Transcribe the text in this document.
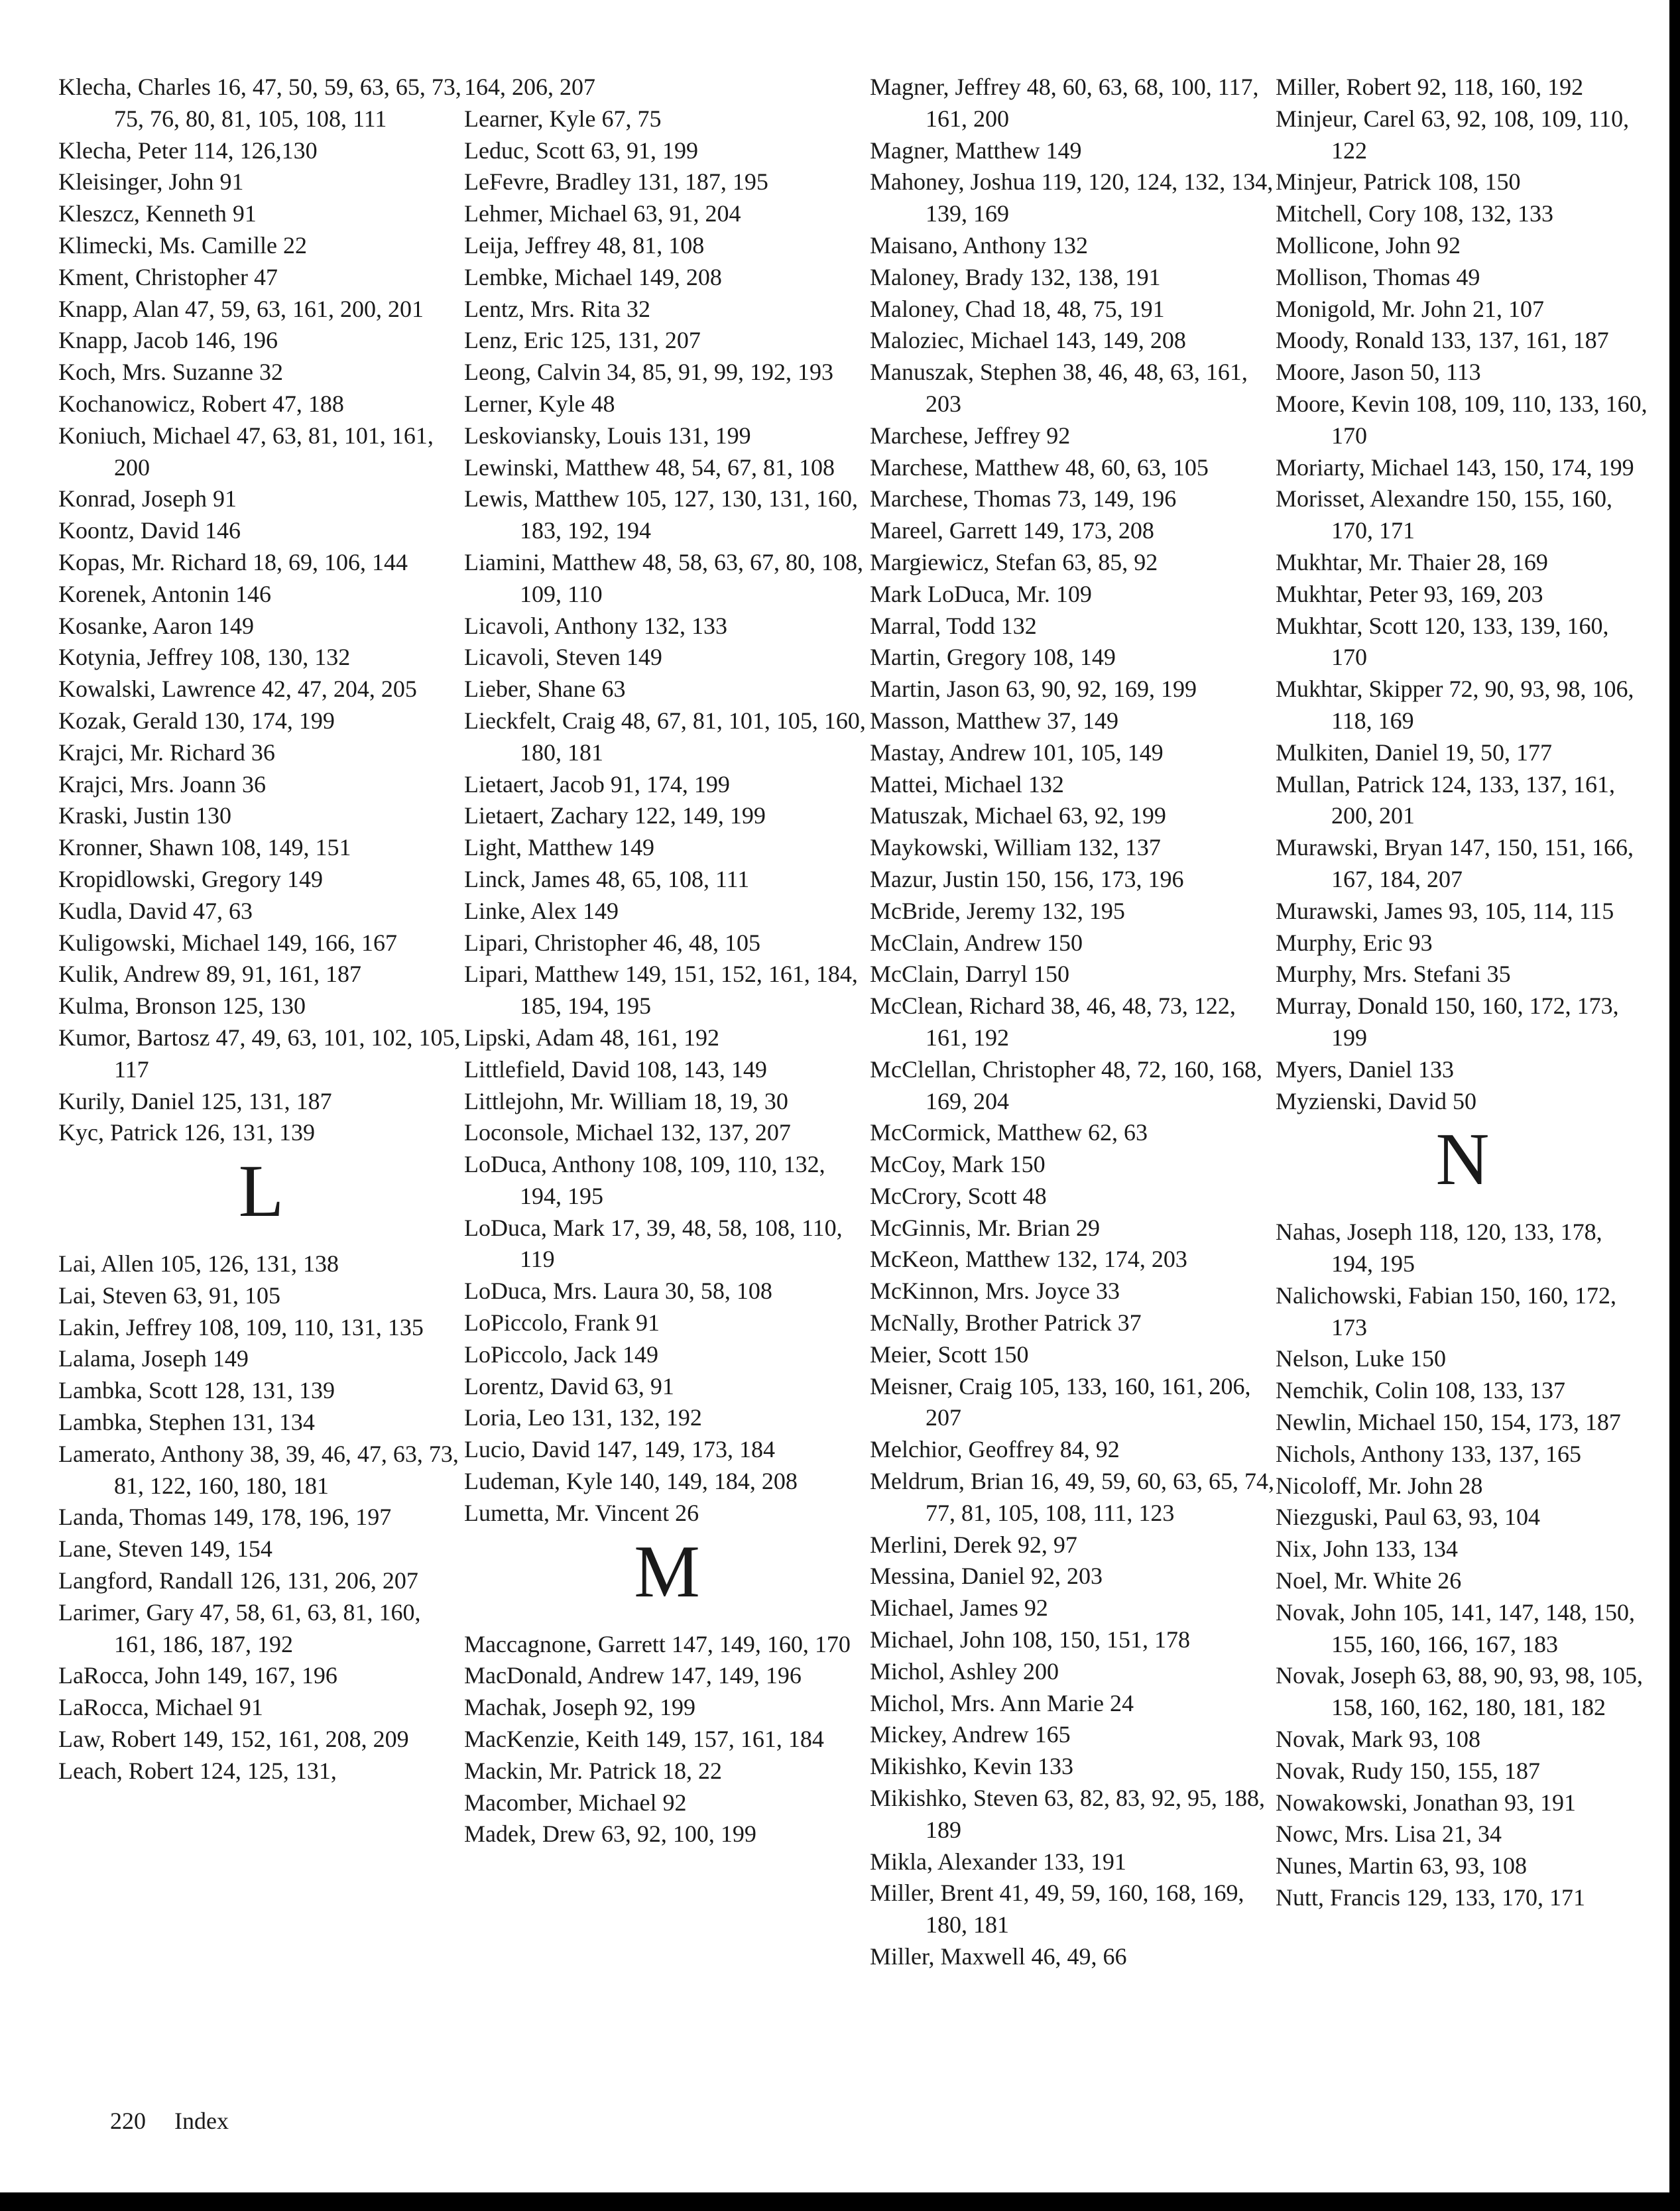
Klecha, Charles 16, 47, 50, 59, 63, 65, 73, 75, 76, 80, 81, 105, 108, 111
Klecha, Peter 114, 126,130
Kleisinger, John 91
Kleszcz, Kenneth 91
Klimecki, Ms. Camille 22
Kment, Christopher 47
Knapp, Alan 47, 59, 63, 161, 200, 201
Knapp, Jacob 146, 196
Koch, Mrs. Suzanne 32
Kochanowicz, Robert 47, 188
Koniuch, Michael 47, 63, 81, 101, 161, 200
Konrad, Joseph 91
Koontz, David 146
Kopas, Mr. Richard 18, 69, 106, 144
Korenek, Antonin 146
Kosanke, Aaron 149
Kotynia, Jeffrey 108, 130, 132
Kowalski, Lawrence 42, 47, 204, 205
Kozak, Gerald 130, 174, 199
Krajci, Mr. Richard 36
Krajci, Mrs. Joann 36
Kraski, Justin 130
Kronner, Shawn 108, 149, 151
Kropidlowski, Gregory 149
Kudla, David 47, 63
Kuligowski, Michael 149, 166, 167
Kulik, Andrew 89, 91, 161, 187
Kulma, Bronson 125, 130
Kumor, Bartosz 47, 49, 63, 101, 102, 105, 117
Kurily, Daniel 125, 131, 187
Kyc, Patrick 126, 131, 139
L
Lai, Allen 105, 126, 131, 138
Lai, Steven 63, 91, 105
Lakin, Jeffrey 108, 109, 110, 131, 135
Lalama, Joseph 149
Lambka, Scott 128, 131, 139
Lambka, Stephen 131, 134
Lamerato, Anthony 38, 39, 46, 47, 63, 73, 81, 122, 160, 180, 181
Landa, Thomas 149, 178, 196, 197
Lane, Steven 149, 154
Langford, Randall 126, 131, 206, 207
Larimer, Gary 47, 58, 61, 63, 81, 160, 161, 186, 187, 192
LaRocca, John 149, 167, 196
LaRocca, Michael 91
Law, Robert 149, 152, 161, 208, 209
Leach, Robert 124, 125, 131,
164, 206, 207
Learner, Kyle 67, 75
Leduc, Scott 63, 91, 199
LeFevre, Bradley 131, 187, 195
Lehmer, Michael 63, 91, 204
Leija, Jeffrey 48, 81, 108
Lembke, Michael 149, 208
Lentz, Mrs. Rita 32
Lenz, Eric 125, 131, 207
Leong, Calvin 34, 85, 91, 99, 192, 193
Lerner, Kyle 48
Leskoviansky, Louis 131, 199
Lewinski, Matthew 48, 54, 67, 81, 108
Lewis, Matthew 105, 127, 130, 131, 160, 183, 192, 194
Liamini, Matthew 48, 58, 63, 67, 80, 108, 109, 110
Licavoli, Anthony 132, 133
Licavoli, Steven 149
Lieber, Shane 63
Lieckfelt, Craig 48, 67, 81, 101, 105, 160, 180, 181
Lietaert, Jacob 91, 174, 199
Lietaert, Zachary 122, 149, 199
Light, Matthew 149
Linck, James 48, 65, 108, 111
Linke, Alex 149
Lipari, Christopher 46, 48, 105
Lipari, Matthew 149, 151, 152, 161, 184, 185, 194, 195
Lipski, Adam 48, 161, 192
Littlefield, David 108, 143, 149
Littlejohn, Mr. William 18, 19, 30
Loconsole, Michael 132, 137, 207
LoDuca, Anthony 108, 109, 110, 132, 194, 195
LoDuca, Mark 17, 39, 48, 58, 108, 110, 119
LoDuca, Mrs. Laura 30, 58, 108
LoPiccolo, Frank 91
LoPiccolo, Jack 149
Lorentz, David 63, 91
Loria, Leo 131, 132, 192
Lucio, David 147, 149, 173, 184
Ludeman, Kyle 140, 149, 184, 208
Lumetta, Mr. Vincent 26
M
Maccagnone, Garrett 147, 149, 160, 170
MacDonald, Andrew 147, 149, 196
Machak, Joseph 92, 199
MacKenzie, Keith 149, 157, 161, 184
Mackin, Mr. Patrick 18, 22
Macomber, Michael 92
Madek, Drew 63, 92, 100, 199
Magner, Jeffrey 48, 60, 63, 68, 100, 117, 161, 200
Magner, Matthew 149
Mahoney, Joshua 119, 120, 124, 132, 134, 139, 169
Maisano, Anthony 132
Maloney, Brady 132, 138, 191
Maloney, Chad 18, 48, 75, 191
Maloziec, Michael 143, 149, 208
Manuszak, Stephen 38, 46, 48, 63, 161, 203
Marchese, Jeffrey 92
Marchese, Matthew 48, 60, 63, 105
Marchese, Thomas 73, 149, 196
Mareel, Garrett 149, 173, 208
Margiewicz, Stefan 63, 85, 92
Mark LoDuca, Mr. 109
Marral, Todd 132
Martin, Gregory 108, 149
Martin, Jason 63, 90, 92, 169, 199
Masson, Matthew 37, 149
Mastay, Andrew 101, 105, 149
Mattei, Michael 132
Matuszak, Michael 63, 92, 199
Maykowski, William 132, 137
Mazur, Justin 150, 156, 173, 196
McBride, Jeremy 132, 195
McClain, Andrew 150
McClain, Darryl 150
McClean, Richard 38, 46, 48, 73, 122, 161, 192
McClellan, Christopher 48, 72, 160, 168, 169, 204
McCormick, Matthew 62, 63
McCoy, Mark 150
McCrory, Scott 48
McGinnis, Mr. Brian 29
McKeon, Matthew 132, 174, 203
McKinnon, Mrs. Joyce 33
McNally, Brother Patrick 37
Meier, Scott 150
Meisner, Craig 105, 133, 160, 161, 206, 207
Melchior, Geoffrey 84, 92
Meldrum, Brian 16, 49, 59, 60, 63, 65, 74, 77, 81, 105, 108, 111, 123
Merlini, Derek 92, 97
Messina, Daniel 92, 203
Michael, James 92
Michael, John 108, 150, 151, 178
Michol, Ashley 200
Michol, Mrs. Ann Marie 24
Mickey, Andrew 165
Mikishko, Kevin 133
Mikishko, Steven 63, 82, 83, 92, 95, 188, 189
Mikla, Alexander 133, 191
Miller, Brent 41, 49, 59, 160, 168, 169, 180, 181
Miller, Maxwell 46, 49, 66
Miller, Robert 92, 118, 160, 192
Minjeur, Carel 63, 92, 108, 109, 110, 122
Minjeur, Patrick 108, 150
Mitchell, Cory 108, 132, 133
Mollicone, John 92
Mollison, Thomas 49
Monigold, Mr. John 21, 107
Moody, Ronald 133, 137, 161, 187
Moore, Jason 50, 113
Moore, Kevin 108, 109, 110, 133, 160, 170
Moriarty, Michael 143, 150, 174, 199
Morisset, Alexandre 150, 155, 160, 170, 171
Mukhtar, Mr. Thaier 28, 169
Mukhtar, Peter 93, 169, 203
Mukhtar, Scott 120, 133, 139, 160, 170
Mukhtar, Skipper 72, 90, 93, 98, 106, 118, 169
Mulkiten, Daniel 19, 50, 177
Mullan, Patrick 124, 133, 137, 161, 200, 201
Murawski, Bryan 147, 150, 151, 166, 167, 184, 207
Murawski, James 93, 105, 114, 115
Murphy, Eric 93
Murphy, Mrs. Stefani 35
Murray, Donald 150, 160, 172, 173, 199
Myers, Daniel 133
Myzienski, David 50
N
Nahas, Joseph 118, 120, 133, 178, 194, 195
Nalichowski, Fabian 150, 160, 172, 173
Nelson, Luke 150
Nemchik, Colin 108, 133, 137
Newlin, Michael 150, 154, 173, 187
Nichols, Anthony 133, 137, 165
Nicoloff, Mr. John 28
Niezguski, Paul 63, 93, 104
Nix, John 133, 134
Noel, Mr. White 26
Novak, John 105, 141, 147, 148, 150, 155, 160, 166, 167, 183
Novak, Joseph 63, 88, 90, 93, 98, 105, 158, 160, 162, 180, 181, 182
Novak, Mark 93, 108
Novak, Rudy 150, 155, 187
Nowakowski, Jonathan 93, 191
Nowc, Mrs. Lisa 21, 34
Nunes, Martin 63, 93, 108
Nutt, Francis 129, 133, 170, 171
220 Index
